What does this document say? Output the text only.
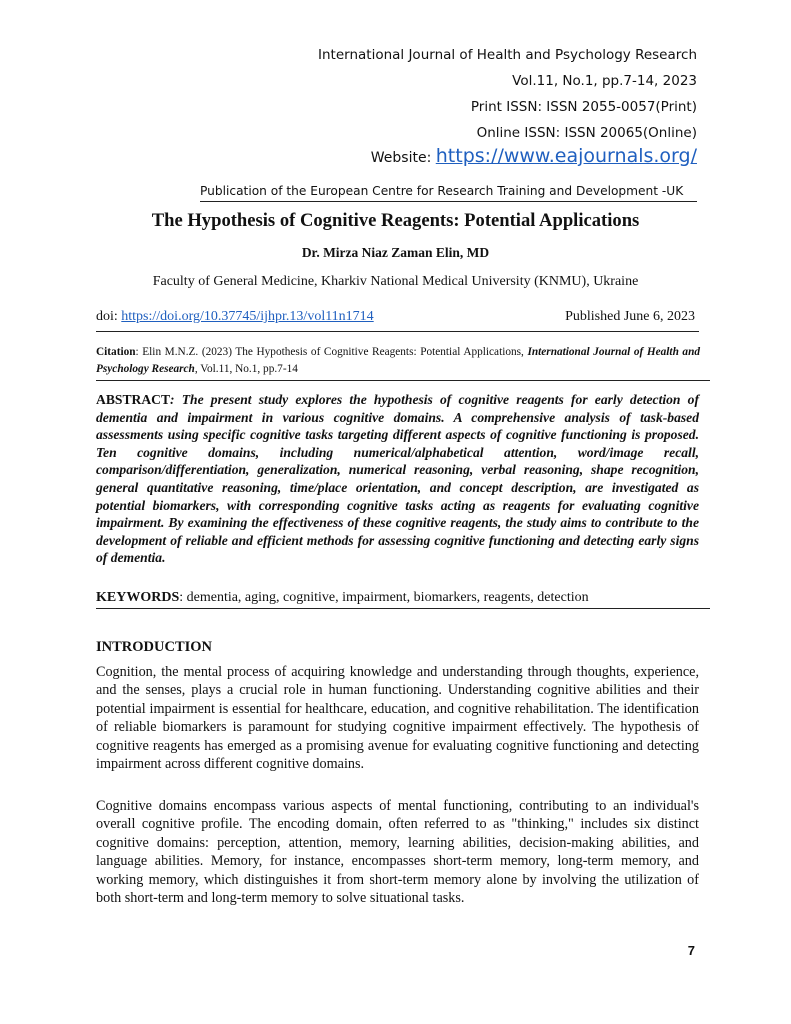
International Journal of Health and Psychology Research
Vol.11, No.1, pp.7-14, 2023
Print ISSN: ISSN 2055-0057(Print)
Online ISSN: ISSN 20065(Online)
Website: https://www.eajournals.org/
Publication of the European Centre for Research Training and Development -UK
The Hypothesis of Cognitive Reagents: Potential Applications
Dr. Mirza Niaz Zaman Elin, MD
Faculty of General Medicine, Kharkiv National Medical University (KNMU), Ukraine
doi: https://doi.org/10.37745/ijhpr.13/vol11n1714	Published June 6, 2023
Citation: Elin M.N.Z. (2023) The Hypothesis of Cognitive Reagents: Potential Applications, International Journal of Health and Psychology Research, Vol.11, No.1, pp.7-14
ABSTRACT: The present study explores the hypothesis of cognitive reagents for early detection of dementia and impairment in various cognitive domains. A comprehensive analysis of task-based assessments using specific cognitive tasks targeting different aspects of cognitive functioning is proposed. Ten cognitive domains, including numerical/alphabetical attention, word/image recall, comparison/differentiation, generalization, numerical reasoning, verbal reasoning, shape recognition, general quantitative reasoning, time/place orientation, and concept description, are investigated as potential biomarkers, with corresponding cognitive tasks acting as reagents for evaluating cognitive impairment. By examining the effectiveness of these cognitive reagents, the study aims to contribute to the development of reliable and efficient methods for assessing cognitive functioning and detecting early signs of dementia.
KEYWORDS: dementia, aging, cognitive, impairment, biomarkers, reagents, detection
INTRODUCTION
Cognition, the mental process of acquiring knowledge and understanding through thoughts, experience, and the senses, plays a crucial role in human functioning. Understanding cognitive abilities and their potential impairment is essential for healthcare, education, and cognitive rehabilitation. The identification of reliable biomarkers is paramount for studying cognitive impairment effectively. The hypothesis of cognitive reagents has emerged as a promising avenue for evaluating cognitive functioning and detecting impairment across different cognitive domains.
Cognitive domains encompass various aspects of mental functioning, contributing to an individual's overall cognitive profile. The encoding domain, often referred to as "thinking," includes six distinct cognitive domains: perception, attention, memory, learning abilities, decision-making abilities, and language abilities. Memory, for instance, encompasses short-term memory, long-term memory, and working memory, which distinguishes it from short-term memory alone by involving the utilization of both short-term and long-term memory to solve situational tasks.
7
